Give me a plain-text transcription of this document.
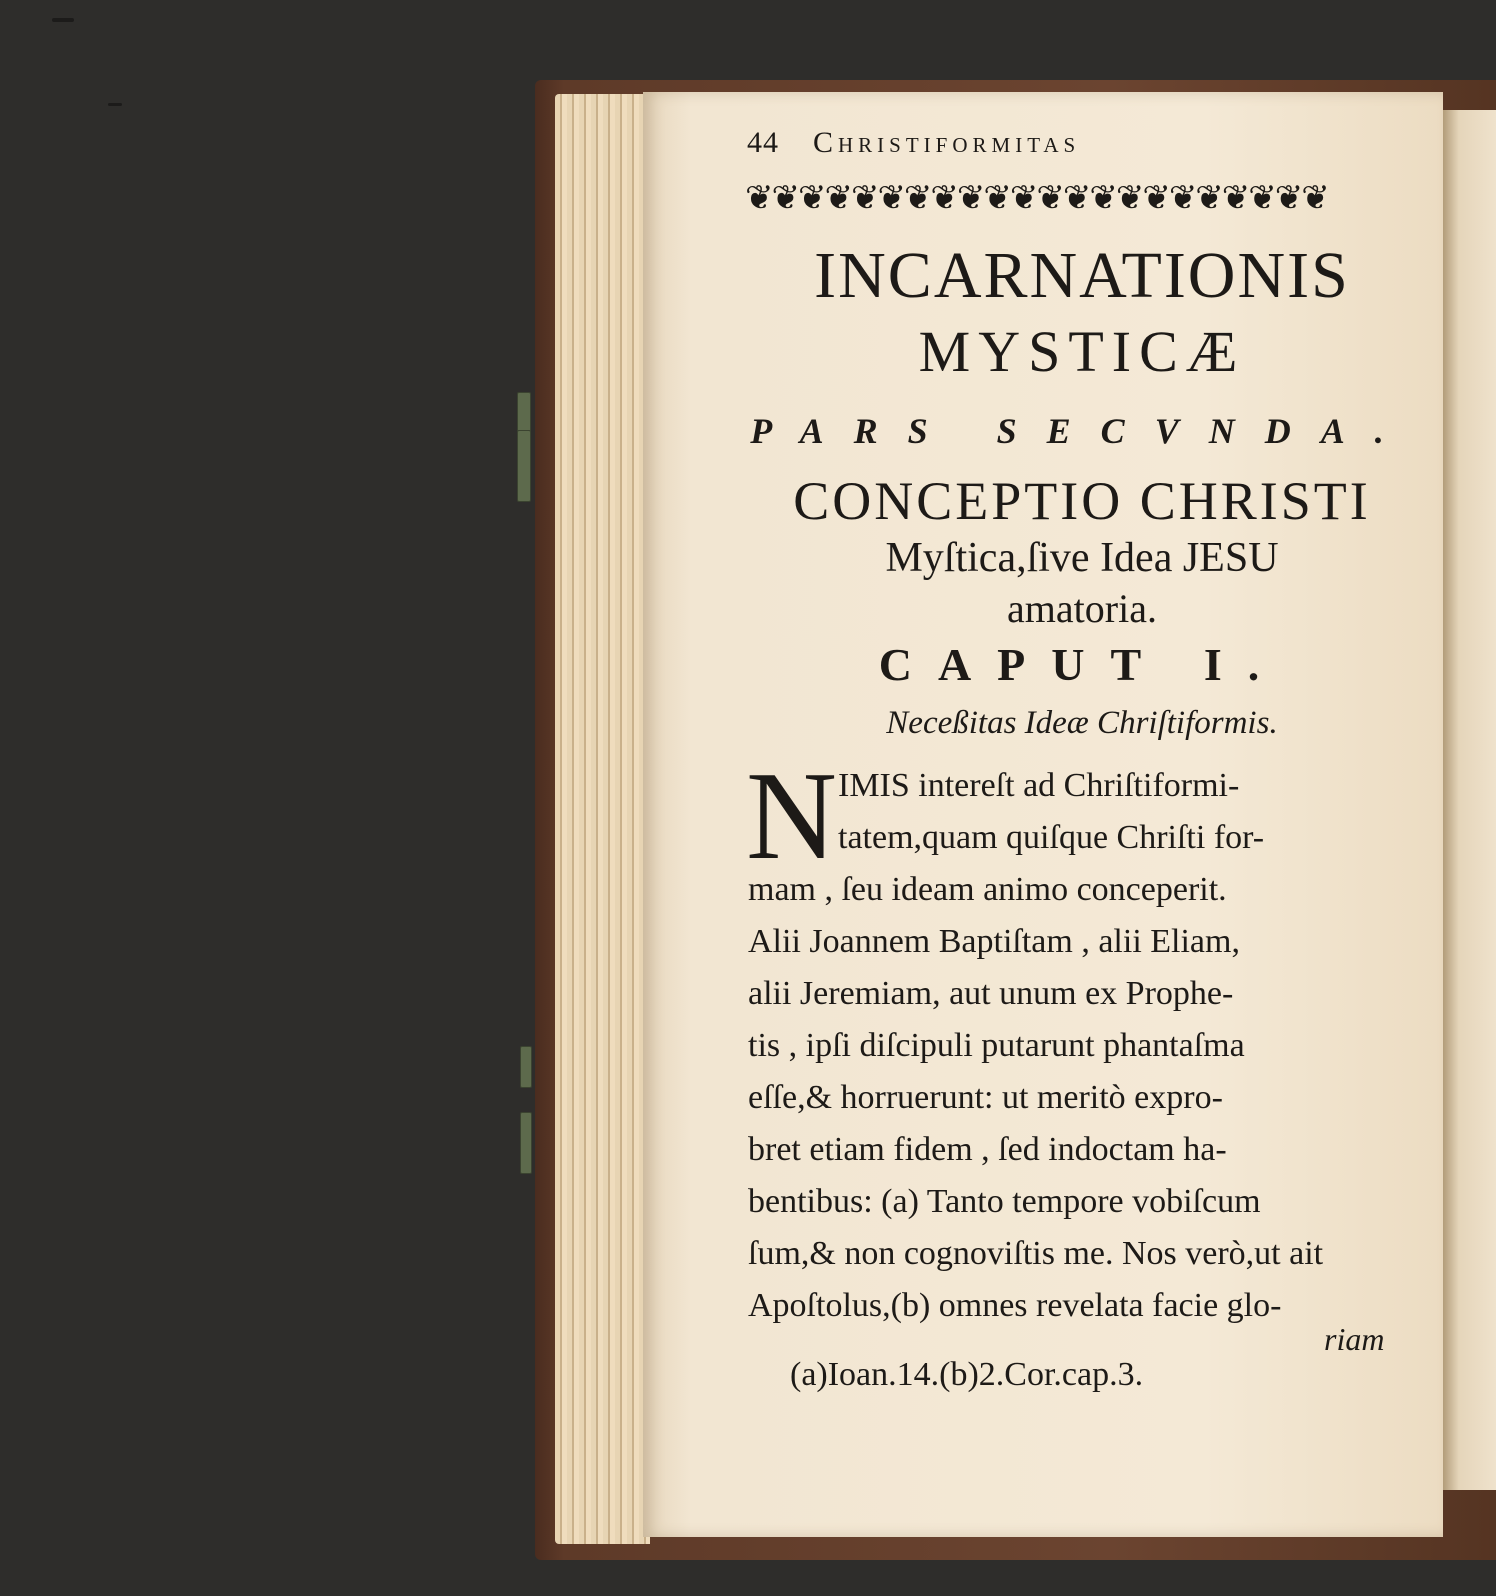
44 Christiformitas
❦❦❦❦❦❦❦❦❦❦❦❦❦❦❦❦❦❦❦❦❦❦
INCARNATIONIS
MYSTICÆ
PARS SECVNDA.
CONCEPTIO CHRISTI
Myſtica,ſive Idea JESU
amatoria.
CAPUT I.
Neceßitas Ideæ Chriſtiformis.
N IMIS intereſt ad Chriſtiformi-
tatem,quam quiſque Chriſti for-
mam , ſeu ideam animo conceperit.
Alii Joannem Baptiſtam , alii Eliam,
alii Jeremiam, aut unum ex Prophe-
tis , ipſi diſcipuli putarunt phantaſma
eſſe,& horruerunt: ut meritò expro-
bret etiam fidem , ſed indoctam ha-
bentibus: (a) Tanto tempore vobiſcum
ſum,& non cognoviſtis me. Nos verò,ut ait
Apoſtolus,(b) omnes revelata facie glo-
riam
(a)Ioan.14.(b)2.Cor.cap.3.
